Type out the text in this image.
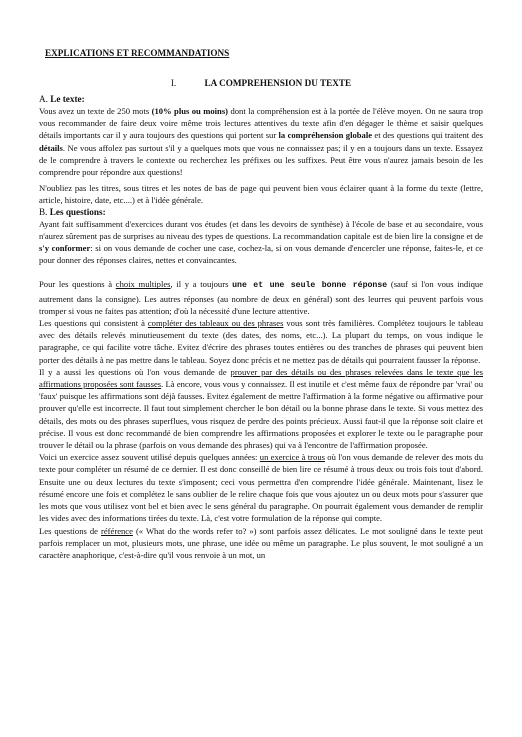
EXPLICATIONS ET RECOMMANDATIONS
I.	LA COMPREHENSION DU TEXTE
A. Le texte:

Vous avez un texte de 250 mots (10% plus ou moins) dont la compréhension est à la portée de l'élève moyen. On ne saura trop vous recommander de faire deux voire même trois lectures attentives du texte afin d'en dégager le thème et saisir quelques détails importants car il y aura toujours des questions qui portent sur la compréhension globale et des questions qui traitent des détails. Ne vous affolez pas surtout s'il y a quelques mots que vous ne connaissez pas; il y en a toujours dans un texte. Essayez de le comprendre à travers le contexte ou recherchez les préfixes ou les suffixes. Peut être vous n'aurez jamais besoin de les comprendre pour répondre aux questions!

N'oubliez pas les titres, sous titres et les notes de bas de page qui peuvent bien vous éclairer quant à la forme du texte (lettre, article, histoire, date, etc....) et à l'idée générale.

B. Les questions:

Ayant fait suffisamment d'exercices durant vos études (et dans les devoirs de synthèse) à l'école de base et au secondaire, vous n'aurez sûrement pas de surprises au niveau des types de questions. La recommandation capitale est de bien lire la consigne et de s'y conformer: si on vous demande de cocher une case, cochez-la, si on vous demande d'encercler une réponse, faites-le, et ce pour donner des réponses claires, nettes et convaincantes.

Pour les questions à choix multiples, il y a toujours une et une seule bonne réponse (sauf si l'on vous indique autrement dans la consigne). Les autres réponses (au nombre de deux en général) sont des leurres qui peuvent parfois vous tromper si vous ne faites pas attention; d'où la nécessité d'une lecture attentive.

Les questions qui consistent à compléter des tableaux ou des phrases vous sont très familières. Complétez toujours le tableau avec des détails relevés minutieusement du texte (des dates, des noms, etc...). La plupart du temps, on vous indique le paragraphe, ce qui facilite votre tâche. Evitez d'écrire des phrases toutes entières ou des tranches de phrases qui peuvent bien porter des détails à ne pas mettre dans le tableau. Soyez donc précis et ne mettez pas de détails qui pourraient fausser la réponse.

Il y a aussi les questions où l'on vous demande de prouver par des détails ou des phrases relevées dans le texte que les affirmations proposées sont fausses. Là encore, vous vous y connaissez. Il est inutile et c'est même faux de répondre par 'vrai' ou 'faux' puisque les affirmations sont déjà fausses. Evitez également de mettre l'affirmation à la forme négative ou affirmative pour prouver qu'elle est incorrecte. Il faut tout simplement chercher le bon détail ou la bonne phrase dans le texte. Si vous mettez des détails, des mots ou des phrases superflues, vous risquez de perdre des points précieux. Aussi faut-il que la réponse soit claire et précise. Il vous est donc recommandé de bien comprendre les affirmations proposées et explorer le texte ou le paragraphe pour trouver le détail ou la phrase (parfois on vous demande des phrases) qui va à l'encontre de l'affirmation proposée.

Voici un exercice assez souvent utilisé depuis quelques années: un exercice à trous où l'on vous demande de relever des mots du texte pour compléter un résumé de ce dernier. Il est donc conseillé de bien lire ce résumé à trous deux ou trois fois tout d'abord. Ensuite une ou deux lectures du texte s'imposent; ceci vous permettra d'en comprendre l'idée générale. Maintenant, lisez le résumé encore une fois et complétez le sans oublier de le relire chaque fois que vous ajoutez un ou deux mots pour s'assurer que les mots que vous utilisez vont bel et bien avec le sens général du paragraphe. On pourrait également vous demander de remplir les vides avec des informations tirées du texte. Là, c'est votre formulation de la réponse qui compte.

Les questions de référence (« What do the words refer to? ») sont parfois assez délicates. Le mot souligné dans le texte peut parfois remplacer un mot, plusieurs mots, une phrase, une idée ou même un paragraphe. Le plus souvent, le mot souligné a un caractère anaphorique, c'est-à-dire qu'il vous renvoie à un mot, un
